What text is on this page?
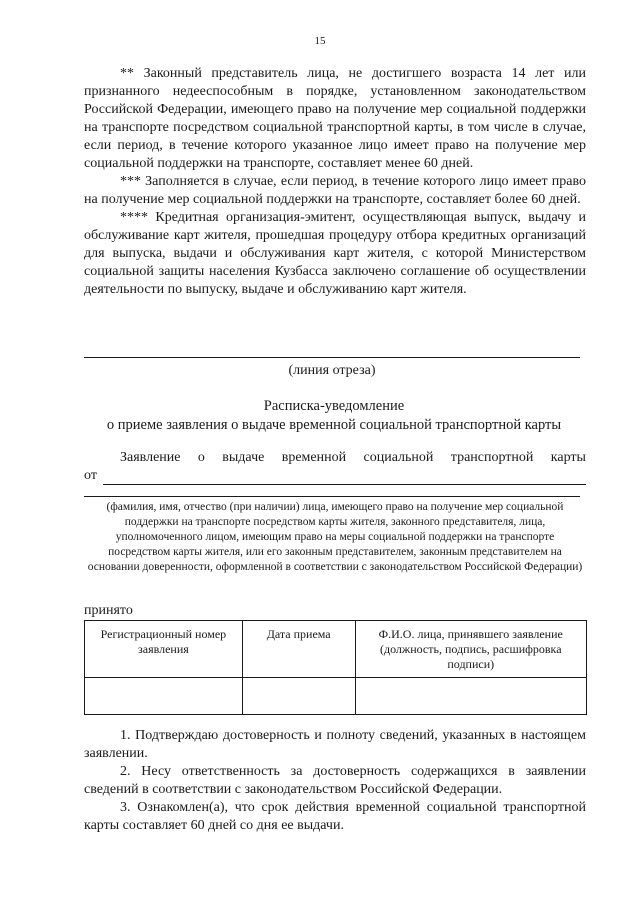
15

** Законный представитель лица, не достигшего возраста 14 лет или признанного недееспособным в порядке, установленном законодательством Российской Федерации, имеющего право на получение мер социальной поддержки на транспорте посредством социальной транспортной карты, в том числе в случае, если период, в течение которого указанное лицо имеет право на получение мер социальной поддержки на транспорте, составляет менее 60 дней.

*** Заполняется в случае, если период, в течение которого лицо имеет право на получение мер социальной поддержки на транспорте, составляет более 60 дней.

**** Кредитная организация-эмитент, осуществляющая выпуск, выдачу и обслуживание карт жителя, прошедшая процедуру отбора кредитных организаций для выпуска, выдачи и обслуживания карт жителя, с которой Министерством социальной защиты населения Кузбасса заключено соглашение об осуществлении деятельности по выпуску, выдаче и обслуживанию карт жителя.

(линия отреза)
Расписка-уведомление
о приеме заявления о выдаче временной социальной транспортной карты
Заявление о выдаче временной социальной транспортной карты
от
(фамилия, имя, отчество (при наличии) лица, имеющего право на получение мер социальной поддержки на транспорте посредством карты жителя, законного представителя, лица, уполномоченного лицом, имеющим право на меры социальной поддержки на транспорте посредством карты жителя, или его законным представителем, законным представителем на основании доверенности, оформленной в соответствии с законодательством Российской Федерации)
принято
Регистрационный номер заявления	Дата приема	Ф.И.О. лица, принявшего заявление (должность, подпись, расшифровка подписи)

1. Подтверждаю достоверность и полноту сведений, указанных в настоящем заявлении.

2. Несу ответственность за достоверность содержащихся в заявлении сведений в соответствии с законодательством Российской Федерации.

3. Ознакомлен(а), что срок действия временной социальной транспортной карты составляет 60 дней со дня ее выдачи.
